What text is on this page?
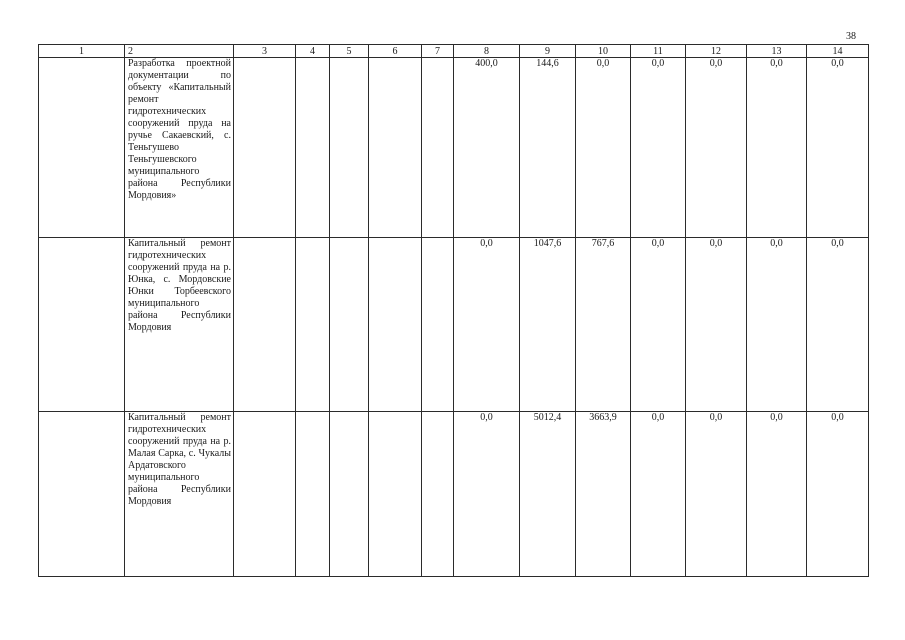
38
1	2	3	4	5	6	7	8	9	10	11	12	13	14
	Разработка проектной документации по объекту «Капитальный ремонт гидротехнических сооружений пруда на ручье Сакаевский, с. Теньгушево Теньгушевского муниципального района Республики Мордовия»						400,0	144,6	0,0	0,0	0,0	0,0	0,0
	Капитальный ремонт гидротехнических сооружений пруда на р. Юнка, с. Мордовские Юнки Торбеевского муниципального района Республики Мордовия						0,0	1047,6	767,6	0,0	0,0	0,0	0,0
	Капитальный ремонт гидротехнических сооружений пруда на р. Малая Сарка, с. Чукалы Ардатовского муниципального района Республики Мордовия						0,0	5012,4	3663,9	0,0	0,0	0,0	0,0
